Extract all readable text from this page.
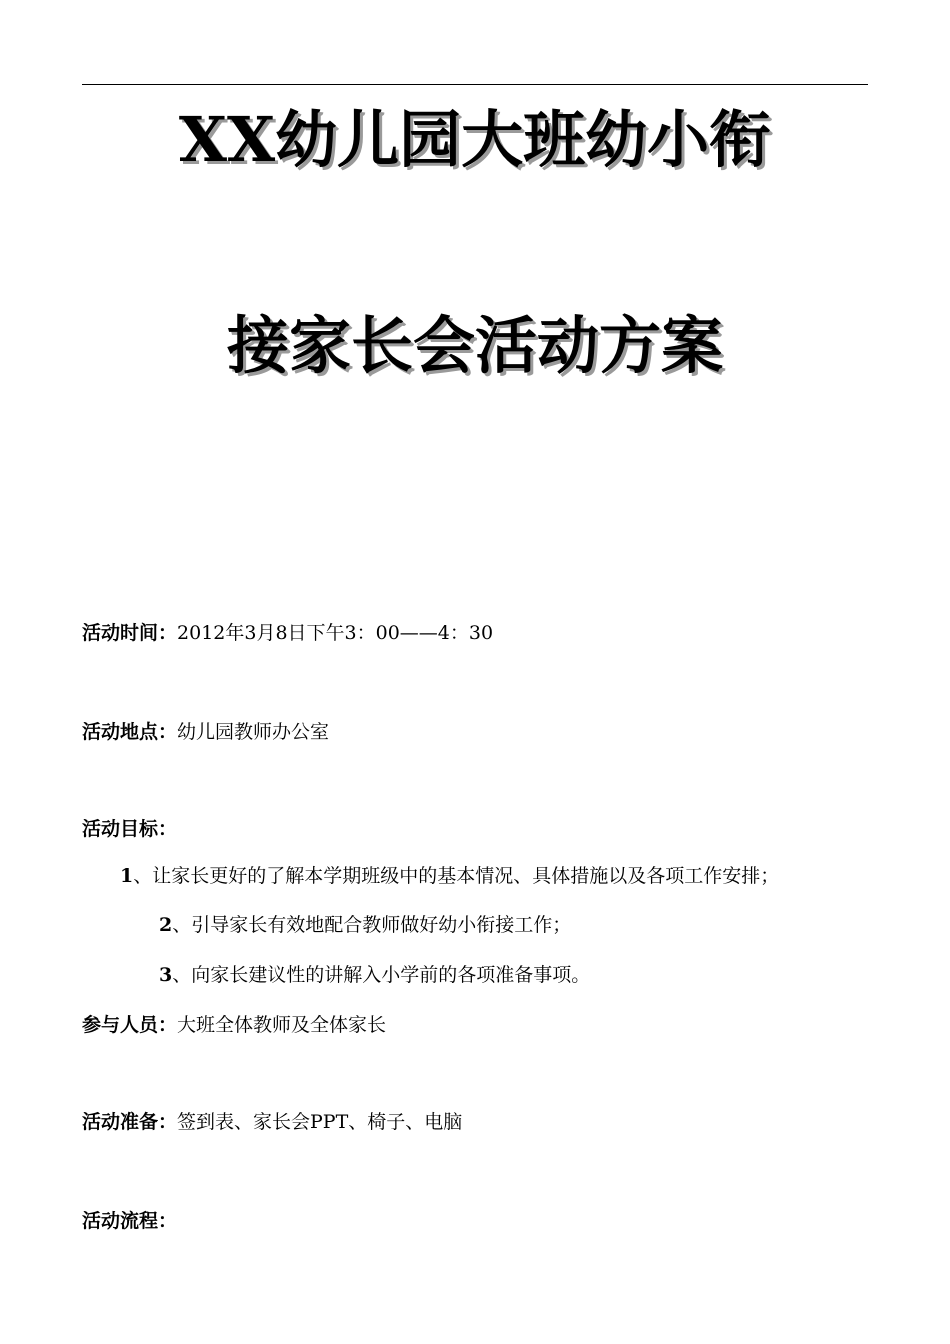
XX幼儿园大班幼小衔
接家长会活动方案
活动时间：2012年3月8日下午3：00——4：30
活动地点：幼儿园教师办公室
活动目标：
1、让家长更好的了解本学期班级中的基本情况、具体措施以及各项工作安排；
2、引导家长有效地配合教师做好幼小衔接工作；
3、向家长建议性的讲解入小学前的各项准备事项。
参与人员：大班全体教师及全体家长
活动准备：签到表、家长会PPT、椅子、电脑
活动流程：
